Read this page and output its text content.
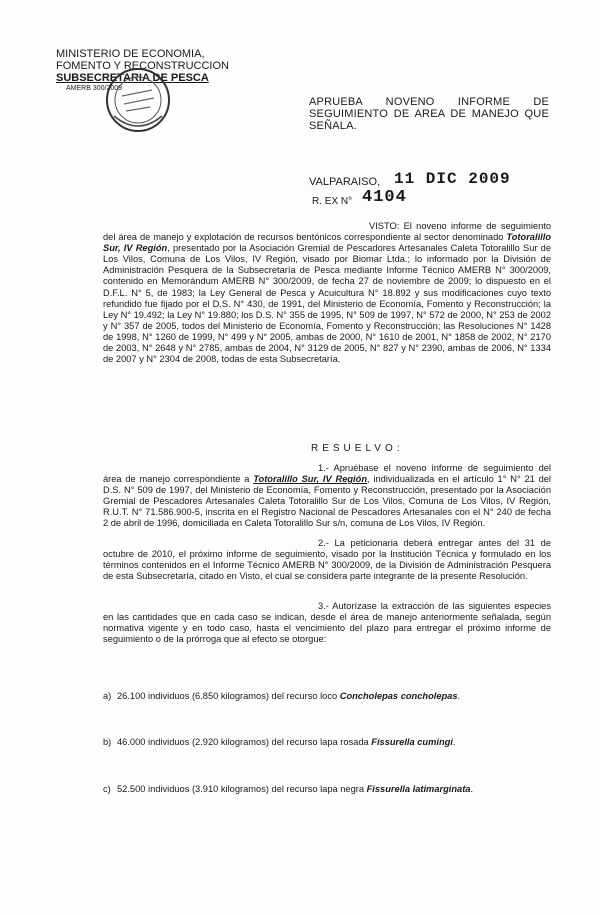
MINISTERIO DE ECONOMIA,
FOMENTO Y RECONSTRUCCION
SUBSECRETARIA DE PESCA
AMERB 300/2009
APRUEBA NOVENO INFORME DE
SEGUIMIENTO DE AREA DE MANEJO QUE
SEÑALA.
VALPARAISO, 11 DIC 2009
R. EX N° 4104
VISTO: El noveno informe de seguimiento del área de manejo y explotación de recursos bentónicos correspondiente al sector denominado Totoralillo Sur, IV Región, presentado por la Asociación Gremial de Pescadores Artesanales Caleta Totoralillo Sur de Los Vilos, Comuna de Los Vilos, IV Región, visado por Biomar Ltda.; lo informado por la División de Administración Pesquera de la Subsecretaría de Pesca mediante Informe Técnico AMERB N° 300/2009, contenido en Memorándum AMERB N° 300/2009, de fecha 27 de noviembre de 2009; lo dispuesto en el D.F.L. N° 5, de 1983; la Ley General de Pesca y Acuicultura N° 18.892 y sus modificaciones cuyo texto refundido fue fijado por el D.S. N° 430, de 1991, del Ministerio de Economía, Fomento y Reconstrucción; la Ley N° 19.492; la Ley N° 19.880; los D.S. N° 355 de 1995, N° 509 de 1997, N° 572 de 2000, N° 253 de 2002 y N° 357 de 2005, todos del Ministerio de Economía, Fomento y Reconstrucción; las Resoluciones N° 1428 de 1998, N° 1260 de 1999, N° 499 y N° 2005, ambas de 2000, N° 1610 de 2001, N° 1858 de 2002, N° 2170 de 2003, N° 2648 y N° 2785, ambas de 2004, N° 3129 de 2005, N° 827 y N° 2390, ambas de 2006, N° 1334 de 2007 y N° 2304 de 2008, todas de esta Subsecretaría.
RESUELVO:
1.- Apruébase el noveno informe de seguimiento del área de manejo correspondiente a Totoralillo Sur, IV Región, individualizada en el artículo 1° N° 21 del D.S. N° 509 de 1997, del Ministerio de Economía, Fomento y Reconstrucción, presentado por la Asociación Gremial de Pescadores Artesanales Caleta Totoralillo Sur de Los Vilos, Comuna de Los Vilos, IV Región, R.U.T. N° 71.586.900-5, inscrita en el Registro Nacional de Pescadores Artesanales con el N° 240 de fecha 2 de abril de 1996, domiciliada en Caleta Totoralillo Sur s/n, comuna de Los Vilos, IV Región.
2.- La peticionaria deberá entregar antes del 31 de octubre de 2010, el próximo informe de seguimiento, visado por la Institución Técnica y formulado en los términos contenidos en el Informe Técnico AMERB N° 300/2009, de la División de Administración Pesquera de esta Subsecretaría, citado en Visto, el cual se considera parte integrante de la presente Resolución.
3.- Autorízase la extracción de las siguientes especies en las cantidades que en cada caso se indican, desde el área de manejo anteriormente señalada, según normativa vigente y en todo caso, hasta el vencimiento del plazo para entregar el próximo informe de seguimiento o de la prórroga que al efecto se otorgue:
a) 26.100 individuos (6.850 kilogramos) del recurso loco Concholepas concholepas.
b) 46.000 individuos (2.920 kilogramos) del recurso lapa rosada Fissurella cumingi.
c) 52.500 individuos (3.910 kilogramos) del recurso lapa negra Fissurella latimarginata.
